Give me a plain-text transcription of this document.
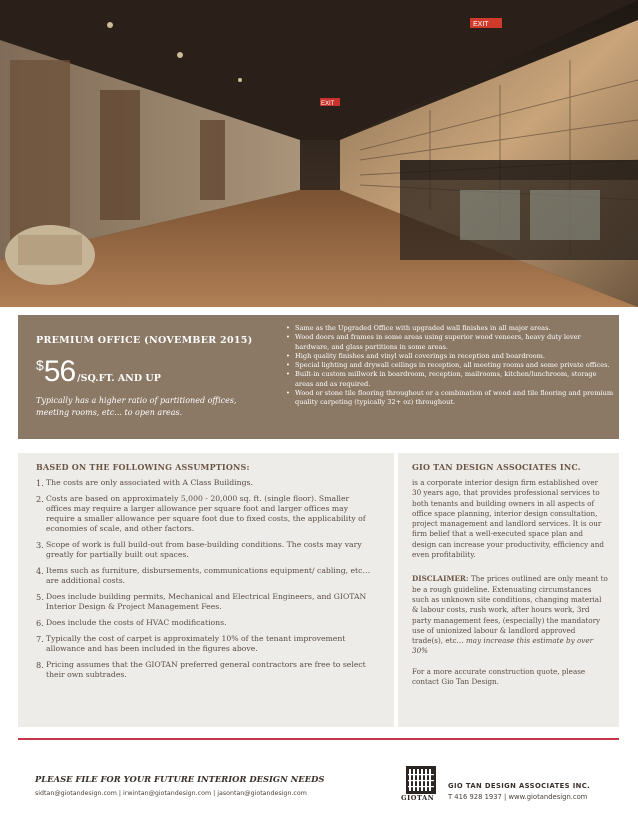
EXIT
EXIT
PREMIUM OFFICE (NOVEMBER 2015)
$ 56 /SQ.FT. AND UP
Typically has a higher ratio of partitioned offices, meeting rooms, etc... to open areas.
• Same as the Upgraded Office with upgraded wall finishes in all major areas.
• Wood doors and frames in some areas using superior wood veneers, heavy duty lever hardware, and glass partitions in some areas.
• High quality finishes and vinyl wall coverings in reception and boardroom.
• Special lighting and drywall ceilings in reception, all meeting rooms and some private offices.
• Built-in custom millwork in boardroom, reception, mailrooms, kitchen/lunchroom, storage areas and as required.
• Wood or stone tile flooring throughout or a combination of wood and tile flooring and premium quality carpeting (typically 32+ oz) throughout.
BASED ON THE FOLLOWING ASSUMPTIONS:
1. The costs are only associated with A Class Buildings.
2. Costs are based on approximately 5,000 - 20,000 sq. ft. (single floor). Smaller offices may require a larger allowance per square foot and larger offices may require a smaller allowance per square foot due to fixed costs, the applicability of economies of scale, and other factors.
3. Scope of work is full build-out from base-building conditions. The costs may vary greatly for partially built out spaces.
4. Items such as furniture, disbursements, communications equipment/ cabling, etc…are additional costs.
5. Does include building permits, Mechanical and Electrical Engineers, and GIOTAN Interior Design & Project Management Fees.
6. Does include the costs of HVAC modifications.
7. Typically the cost of carpet is approximately 10% of the tenant improvement allowance and has been included in the figures above.
8. Pricing assumes that the GIOTAN preferred general contractors are free to select their own subtrades.
GIO TAN DESIGN ASSOCIATES INC.

is a corporate interior design firm established over 30 years ago, that provides professional services to both tenants and building owners in all aspects of office space planning, interior design consultation, project management and landlord services. It is our firm belief that a well-executed space plan and design can increase your productivity, efficiency and even profitability.

DISCLAIMER: The prices outlined are only meant to be a rough guideline. Extenuating circumstances such as unknown site conditions, changing material & labour costs, rush work, after hours work, 3rd party management fees, (especially) the mandatory use of unionized labour & landlord approved trade(s), etc… may increase this estimate by over 30%

For a more accurate construction quote, please contact Gio Tan Design.

PLEASE FILE FOR YOUR FUTURE INTERIOR DESIGN NEEDS
sidtan@giotandesign.com | irwintan@giotandesign.com | jasontan@giotandesign.com
GIOTAN
GIO TAN DESIGN ASSOCIATES INC.
T 416 928 1937 | www.giotandesign.com
